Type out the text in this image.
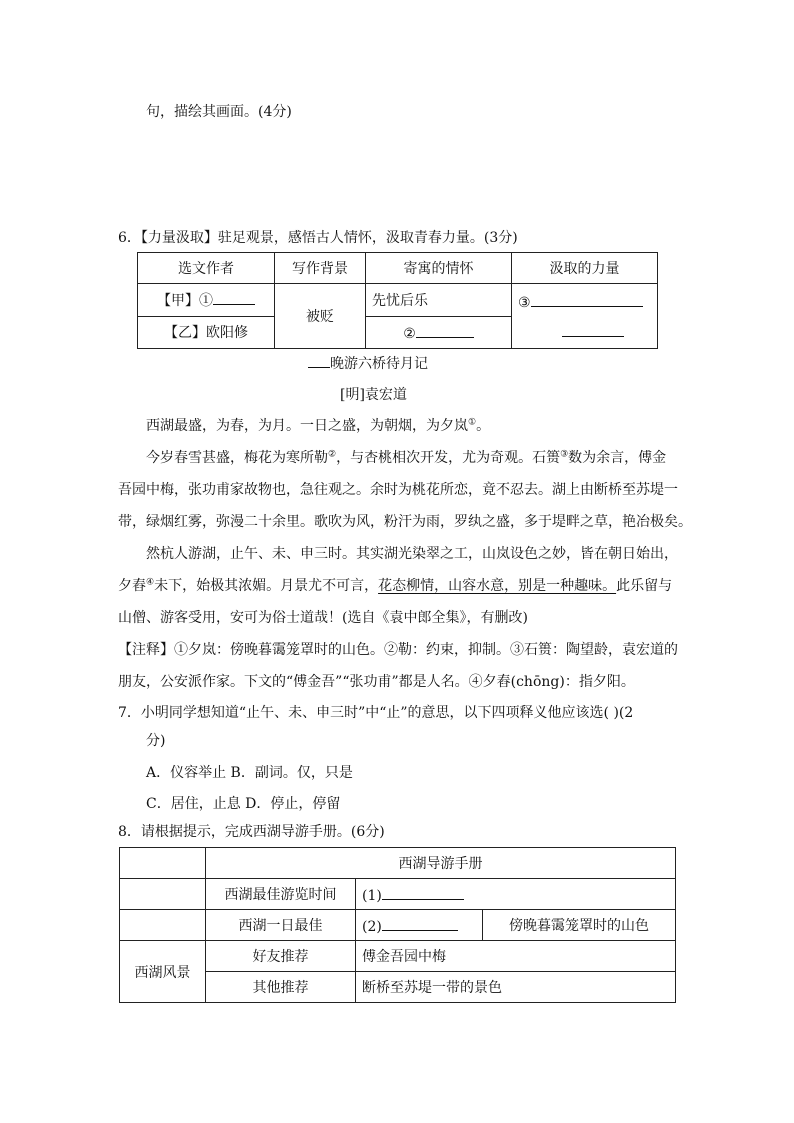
句，描绘其画面。(4分)
6．【力量汲取】驻足观景，感悟古人情怀，汲取青春力量。(3分)
选文作者	写作背景	寄寓的情怀	汲取的力量
【甲】①	被贬	先忧后乐	③

【乙】欧阳修		②	
晚游六桥待月记
[明]袁宏道
西湖最盛，为春，为月。一日之盛，为朝烟，为夕岚①。
今岁春雪甚盛，梅花为寒所勒②，与杏桃相次开发，尤为奇观。石篑③数为余言，傅金
吾园中梅，张功甫家故物也，急往观之。余时为桃花所恋，竟不忍去。湖上由断桥至苏堤一
带，绿烟红雾，弥漫二十余里。歌吹为风，粉汗为雨，罗纨之盛，多于堤畔之草，艳冶极矣。
然杭人游湖，止午、未、申三时。其实湖光染翠之工，山岚设色之妙，皆在朝日始出，
夕舂④未下，始极其浓媚。月景尤不可言，花态柳情，山容水意，别是一种趣味。此乐留与
山僧、游客受用，安可为俗士道哉！(选自《袁中郎全集》，有删改)
【注释】①夕岚：傍晚暮霭笼罩时的山色。②勒：约束，抑制。③石篑：陶望龄，袁宏道的
朋友，公安派作家。下文的“傅金吾”“张功甫”都是人名。④夕舂(chōng)：指夕阳。
7．小明同学想知道“止午、未、申三时”中“止”的意思，以下四项释义他应该选( )(2
分)
A．仪容举止 B．副词。仅，只是
C．居住，止息 D．停止，停留
8．请根据提示，完成西湖导游手册。(6分)
	西湖导游手册		
	西湖最佳游览时间	(1)	
	西湖一日最佳	(2)	傍晚暮霭笼罩时的山色
西湖风景	好友推荐	傅金吾园中梅	
	其他推荐	断桥至苏堤一带的景色	
